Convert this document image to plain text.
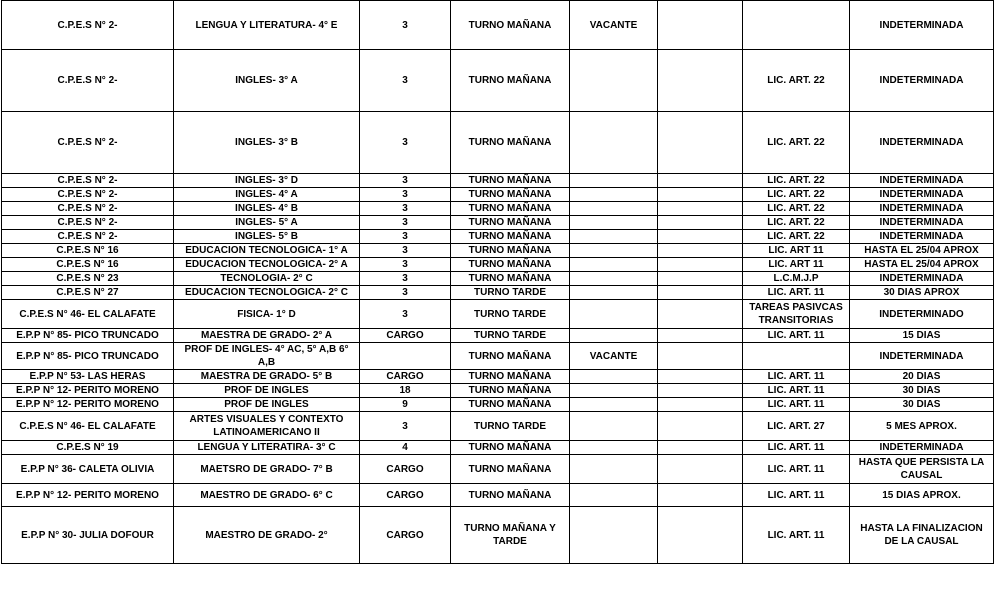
C.P.E.S N° 2-	LENGUA Y LITERATURA- 4° E	3	TURNO MAÑANA	VACANTE			INDETERMINADA
C.P.E.S N° 2-	INGLES- 3° A	3	TURNO MAÑANA			LIC. ART. 22	INDETERMINADA
C.P.E.S N° 2-	INGLES- 3° B	3	TURNO MAÑANA			LIC. ART. 22	INDETERMINADA
C.P.E.S N° 2-	INGLES- 3° D	3	TURNO MAÑANA			LIC. ART. 22	INDETERMINADA
C.P.E.S N° 2-	INGLES- 4° A	3	TURNO MAÑANA			LIC. ART. 22	INDETERMINADA
C.P.E.S N° 2-	INGLES- 4° B	3	TURNO MAÑANA			LIC. ART. 22	INDETERMINADA
C.P.E.S N° 2-	INGLES- 5° A	3	TURNO MAÑANA			LIC. ART. 22	INDETERMINADA
C.P.E.S N° 2-	INGLES- 5° B	3	TURNO MAÑANA			LIC. ART. 22	INDETERMINADA
C.P.E.S N° 16	EDUCACION TECNOLOGICA- 1° A	3	TURNO MAÑANA			LIC. ART 11	HASTA EL 25/04 APROX
C.P.E.S N° 16	EDUCACION TECNOLOGICA- 2° A	3	TURNO MAÑANA			LIC. ART 11	HASTA EL 25/04 APROX
C.P.E.S N° 23	TECNOLOGIA- 2° C	3	TURNO MAÑANA			L.C.M.J.P	INDETERMINADA
C.P.E.S N° 27	EDUCACION TECNOLOGICA- 2° C	3	TURNO TARDE			LIC. ART. 11	30 DIAS APROX
C.P.E.S N° 46- EL CALAFATE	FISICA- 1° D	3	TURNO TARDE			TAREAS PASIVCAS TRANSITORIAS	INDETERMINADO
E.P.P N° 85- PICO TRUNCADO	MAESTRA DE GRADO- 2° A	CARGO	TURNO TARDE			LIC. ART. 11	15 DIAS
E.P.P N° 85- PICO TRUNCADO	PROF DE INGLES- 4° AC, 5° A,B 6° A,B		TURNO MAÑANA	VACANTE			INDETERMINADA
E.P.P N° 53- LAS HERAS	MAESTRA DE GRADO- 5° B	CARGO	TURNO MAÑANA			LIC. ART. 11	20 DIAS
E.P.P N° 12- PERITO MORENO	PROF DE INGLES	18	TURNO MAÑANA			LIC. ART. 11	30 DIAS
E.P.P N° 12- PERITO MORENO	PROF DE INGLES	9	TURNO MAÑANA			LIC. ART. 11	30 DIAS
C.P.E.S N° 46- EL CALAFATE	ARTES VISUALES Y CONTEXTO LATINOAMERICANO II	3	TURNO TARDE			LIC. ART. 27	5 MES APROX.
C.P.E.S N° 19	LENGUA Y LITERATIRA- 3° C	4	TURNO MAÑANA			LIC. ART. 11	INDETERMINADA
E.P.P N° 36- CALETA OLIVIA	MAETSRO DE GRADO- 7° B	CARGO	TURNO MAÑANA			LIC. ART. 11	HASTA QUE PERSISTA LA CAUSAL
E.P.P N° 12- PERITO MORENO	MAESTRO DE GRADO- 6° C	CARGO	TURNO MAÑANA			LIC. ART. 11	15 DIAS APROX.
E.P.P N° 30- JULIA DOFOUR	MAESTRO DE GRADO- 2°	CARGO	TURNO MAÑANA Y TARDE			LIC. ART. 11	HASTA LA FINALIZACION DE LA CAUSAL
